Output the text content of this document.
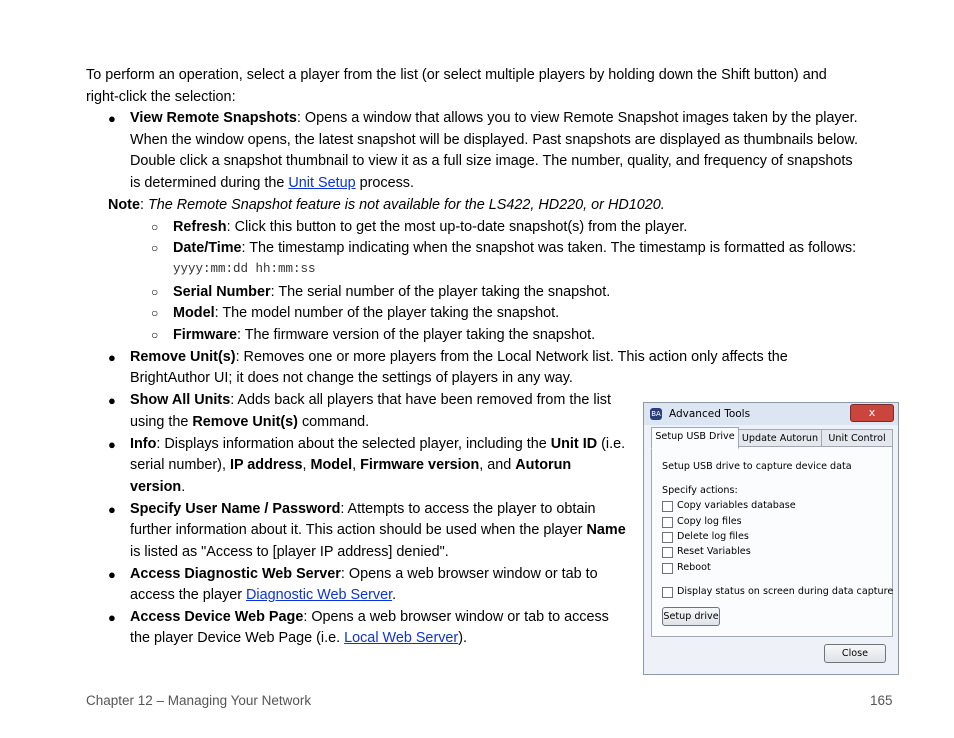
To perform an operation, select a player from the list (or select multiple players by holding down the Shift button) and

right-click the selection:

● View Remote Snapshots: Opens a window that allows you to view Remote Snapshot images taken by the player.
When the window opens, the latest snapshot will be displayed. Past snapshots are displayed as thumbnails below.
Double click a snapshot thumbnail to view it as a full size image. The number, quality, and frequency of snapshots
is determined during the Unit Setup process.
Note: The Remote Snapshot feature is not available for the LS422, HD220, or HD1020.
○ Refresh: Click this button to get the most up-to-date snapshot(s) from the player.
○ Date/Time: The timestamp indicating when the snapshot was taken. The timestamp is formatted as follows:
yyyy:mm:dd hh:mm:ss
○ Serial Number: The serial number of the player taking the snapshot.
○ Model: The model number of the player taking the snapshot.
○ Firmware: The firmware version of the player taking the snapshot.
● Remove Unit(s): Removes one or more players from the Local Network list. This action only affects the
BrightAuthor UI; it does not change the settings of players in any way.
● Show All Units: Adds back all players that have been removed from the list
using the Remove Unit(s) command.
● Info: Displays information about the selected player, including the Unit ID (i.e.
serial number), IP address, Model, Firmware version, and Autorun
version.
● Specify User Name / Password: Attempts to access the player to obtain
further information about it. This action should be used when the player Name
is listed as "Access to [player IP address] denied".
● Access Diagnostic Web Server: Opens a web browser window or tab to
access the player Diagnostic Web Server.
● Access Device Web Page: Opens a web browser window or tab to access
the player Device Web Page (i.e. Local Web Server).
BA Advanced Tools	x
Setup USB Drive Update Autorun	Unit Control
Setup USB drive to capture device data
Specify actions:
Copy variables database
Copy log files
Delete log files
Reset Variables
Reboot
Display status on screen during data capture
Setup drive
Close
Chapter 12 – Managing Your Network	165
